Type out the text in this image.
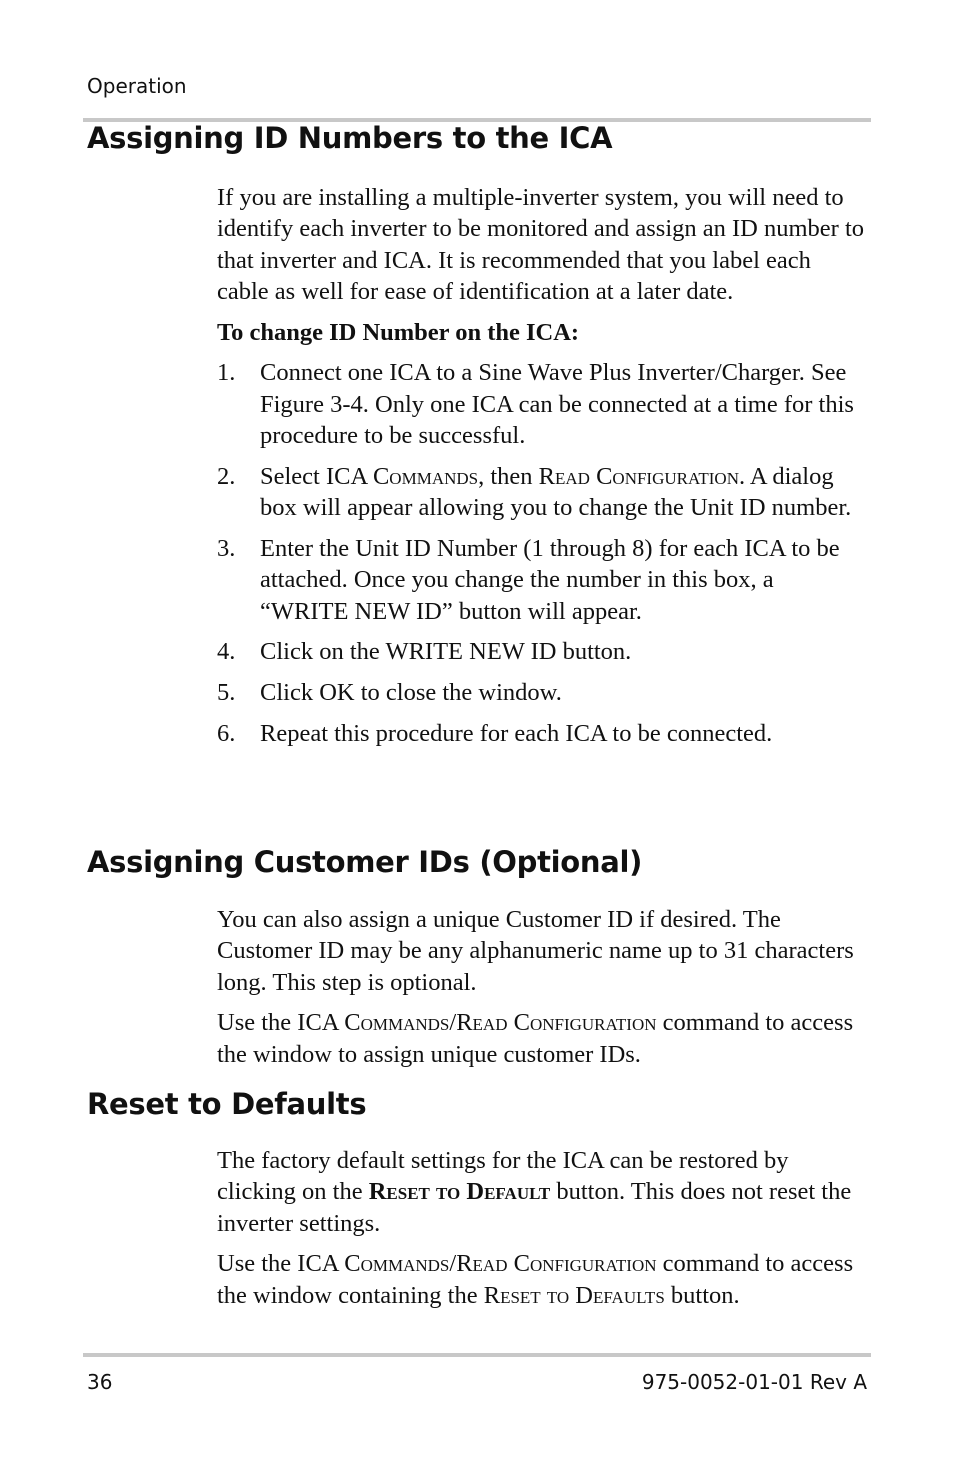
Operation
Assigning ID Numbers to the ICA

If you are installing a multiple-inverter system, you will need to identify each inverter to be monitored and assign an ID number to that inverter and ICA. It is recommended that you label each cable as well for ease of identification at a later date.

To change ID Number on the ICA:

1. Connect one ICA to a Sine Wave Plus Inverter/Charger. See Figure 3-4. Only one ICA can be connected at a time for this procedure to be successful.
2. Select ICA Commands, then Read Configuration. A dialog box will appear allowing you to change the Unit ID number.
3. Enter the Unit ID Number (1 through 8) for each ICA to be attached. Once you change the number in this box, a “WRITE NEW ID” button will appear.
4. Click on the WRITE NEW ID button.
5. Click OK to close the window.
6. Repeat this procedure for each ICA to be connected.
Assigning Customer IDs (Optional)

You can also assign a unique Customer ID if desired. The Customer ID may be any alphanumeric name up to 31 characters long. This step is optional.

Use the ICA Commands/Read Configuration command to access the window to assign unique customer IDs.

Reset to Defaults

The factory default settings for the ICA can be restored by clicking on the Reset to Default button. This does not reset the inverter settings.

Use the ICA Commands/Read Configuration command to access the window containing the Reset to Defaults button.

36	975-0052-01-01 Rev A
